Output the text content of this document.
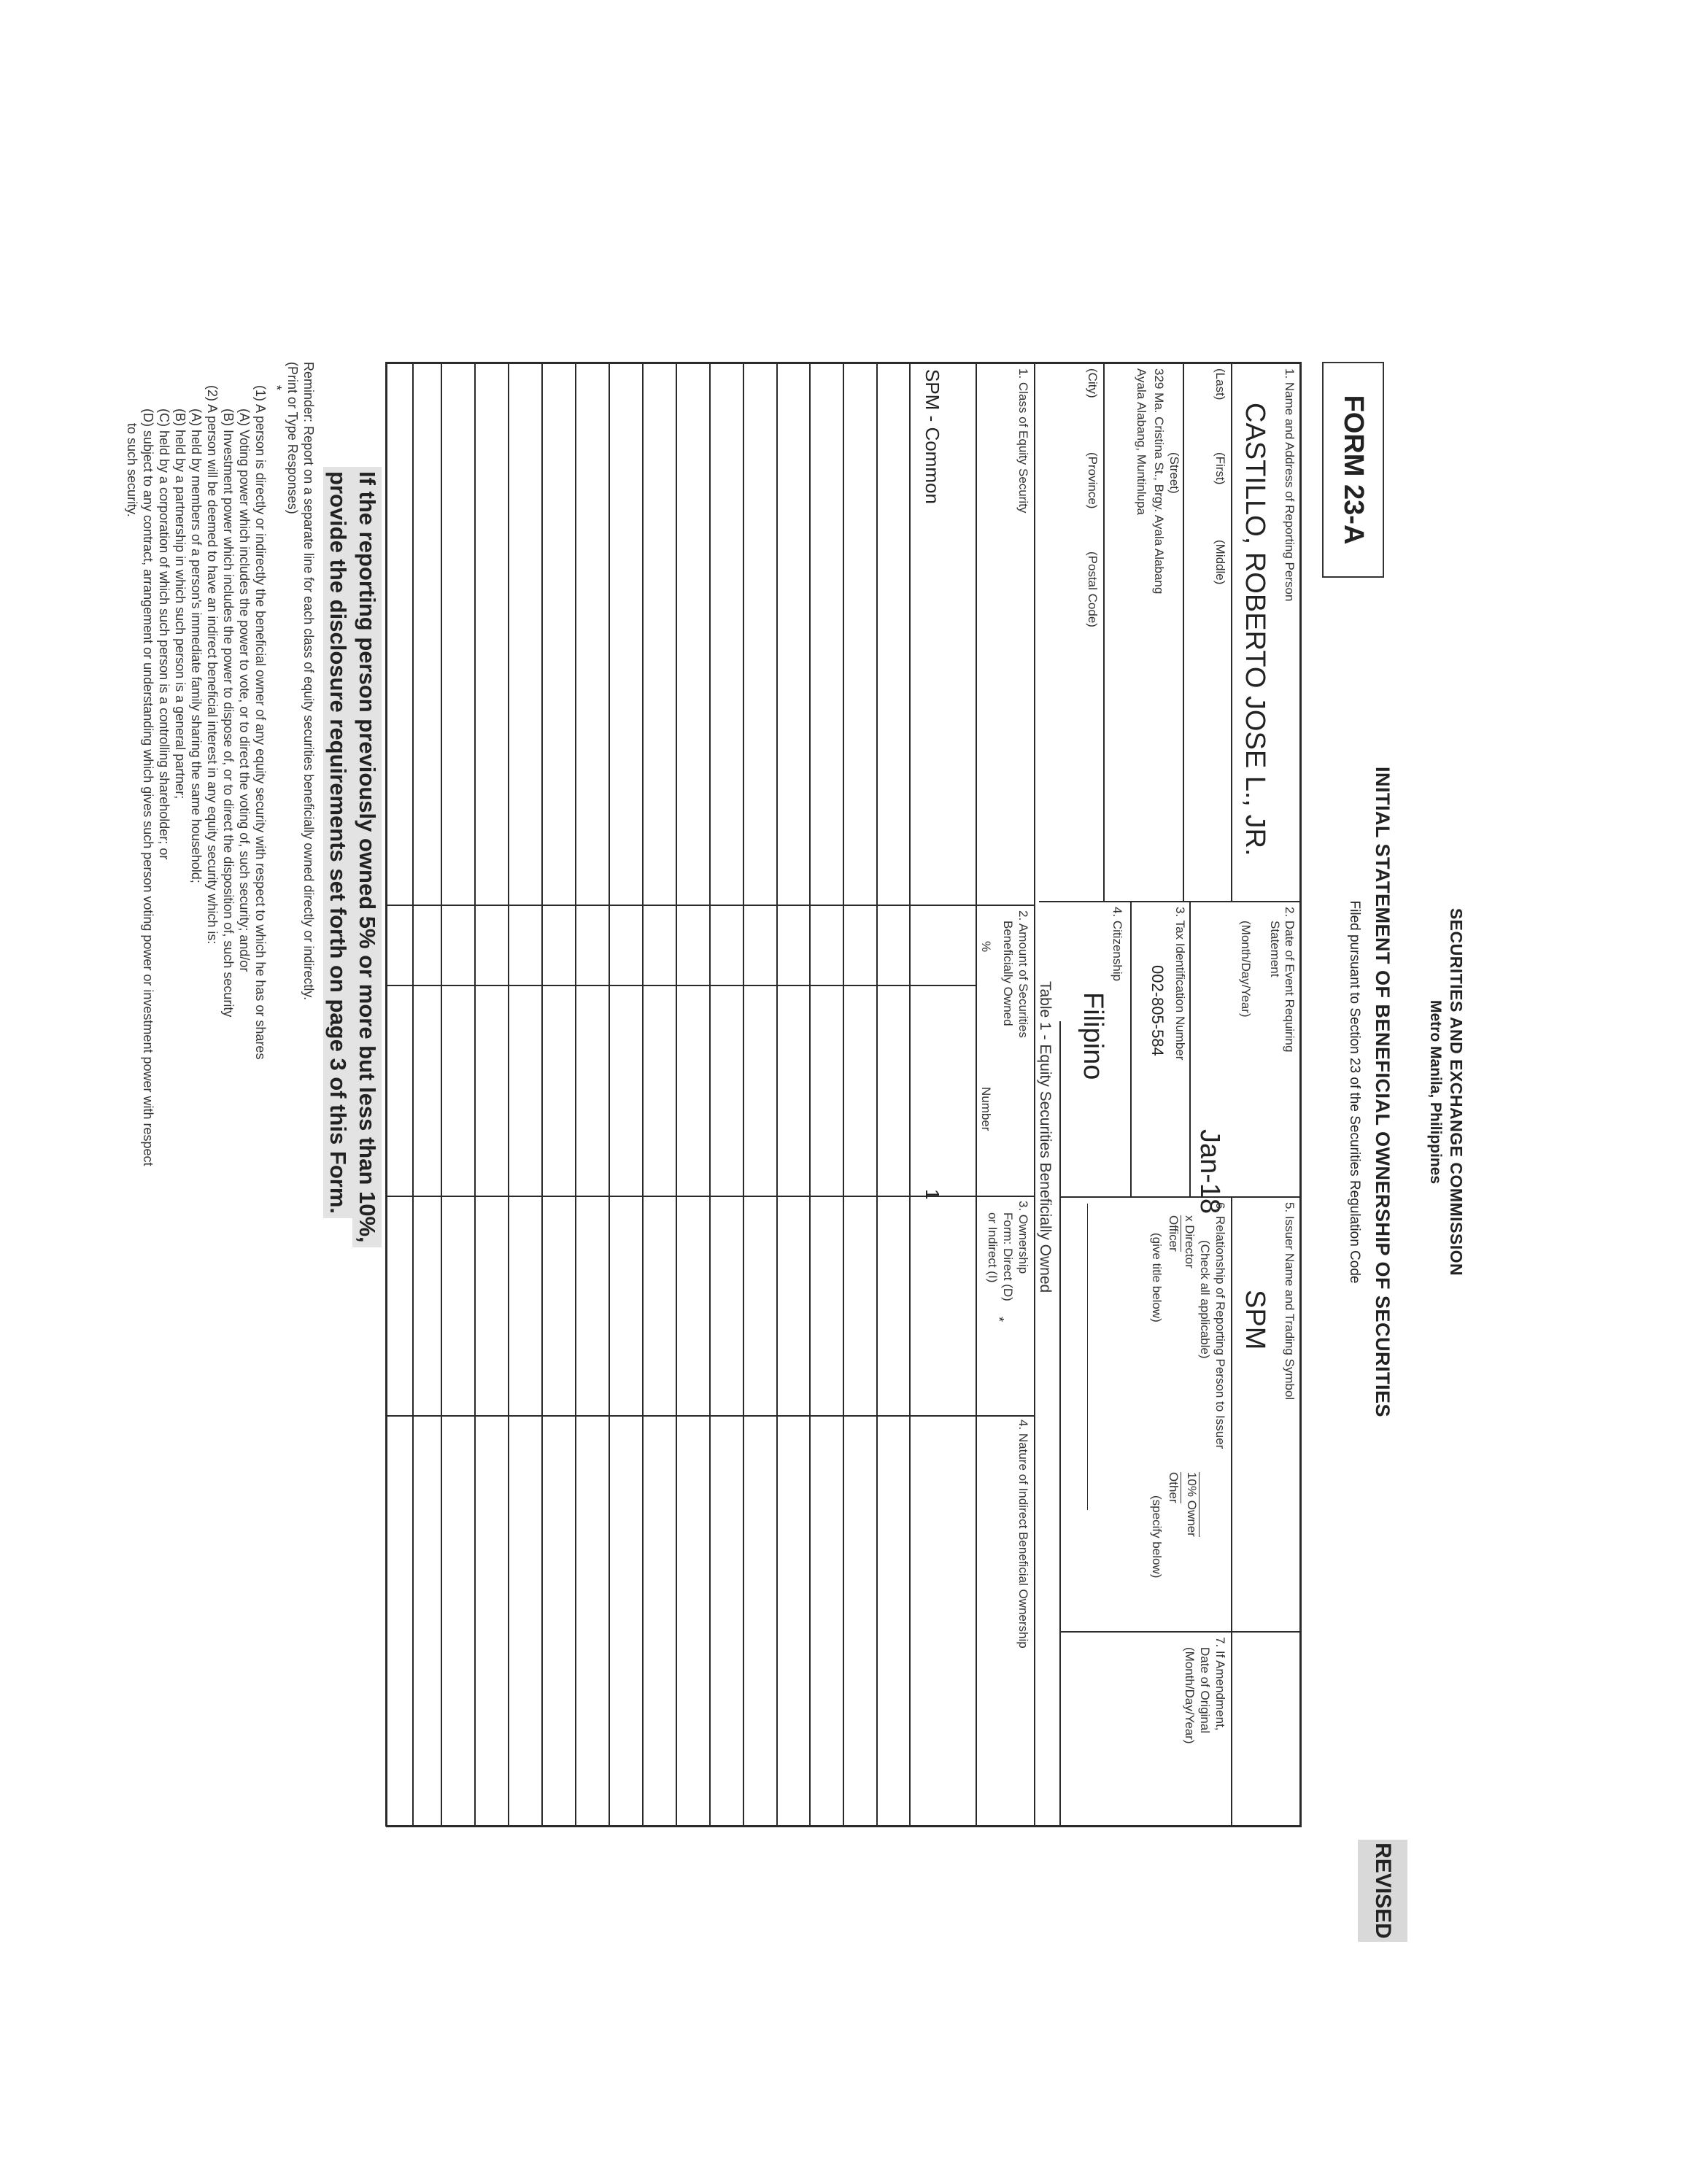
SECURITIES AND EXCHANGE COMMISSION
Metro Manila, Philippines
INITIAL STATEMENT OF BENEFICIAL OWNERSHIP OF SECURITIES
Filed pursuant to Section 23 of the Securities Regulation Code
FORM 23-A
REVISED
1. Name and Address of Reporting Person
CASTILLO, ROBERTO JOSE L., JR.
(Last)
(First)
(Middle)
(Street)
329 Ma. Cristina St., Brgy. Ayala Alabang
Ayala Alabang, Muntinlupa
(City)
(Province)
(Postal Code)
2. Date of Event Requiring
Statement
(Month/Day/Year)
Jan-18
3. Tax Identification Number
002-805-584
4. Citizenship
Filipino
5. Issuer Name and Trading Symbol
SPM
6. Relationship of Reporting Person to Issuer
(Check all applicable)
x Director
Officer
(give title below)
10% Owner
Other
(specify below)
7. If Amendment,
Date of Original
(Month/Day/Year)
Table 1 - Equity Securities Beneficially Owned
1. Class of Equity Security
2. Amount of Securities
Beneficially Owned
%
Number
3. Ownership
Form: Direct (D)
or Indirect (I)
*
4. Nature of Indirect Beneficial Ownership
SPM - Common
1
If the reporting person previously owned 5% or more but less than 10%,
provide the disclosure requirements set forth on page 3 of this Form.
Reminder: Report on a separate line for each class of equity securities beneficially owned directly or indirectly.
(Print or Type Responses)
*
(1) A person is directly or indirectly the beneficial owner of any equity security with respect to which he has or shares
(A) Voting power which includes the power to vote, or to direct the voting of, such security; and/or
(B) Investment power which includes the power to dispose of, or to direct the disposition of, such security
(2) A person will be deemed to have an indirect beneficial interest in any equity security which is:
(A) held by members of a person's immediate family sharing the same household;
(B) held by a partnership in which such person is a general partner;
(C) held by a corporation of which such person is a controlling shareholder; or
(D) subject to any contract, arrangement or understanding which gives such person voting power or investment power with respect
to such security.
